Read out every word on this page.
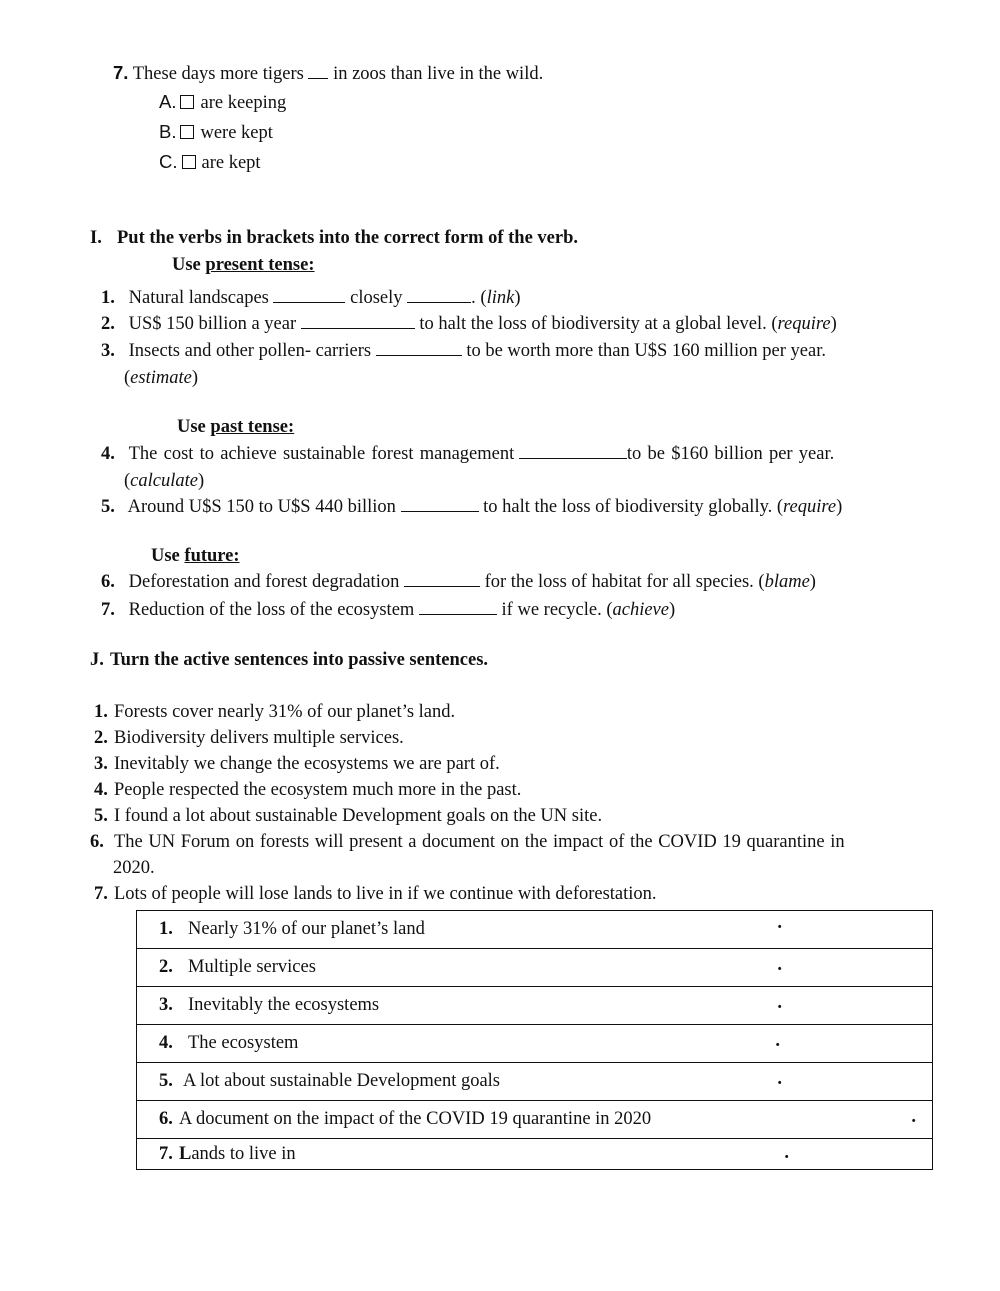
7. These days more tigers in zoos than live in the wild.
A. are keeping
B. were kept
C. are kept
I. Put the verbs in brackets into the correct form of the verb.
Use present tense:
1. Natural landscapes	closely	. (link)
2. US$ 150 billion a year	to halt the loss of biodiversity at a global level. (require)
3. Insects and other pollen- carriers	to be worth more than U$S 160 million per year.
(estimate)
Use past tense:
4. The cost to achieve sustainable forest management	to be $160 billion per year.
(calculate)
5. Around U$S 150 to U$S 440 billion	to halt the loss of biodiversity globally. (require)
Use future:
6. Deforestation and forest degradation	for the loss of habitat for all species. (blame)
7. Reduction of the loss of the ecosystem	if we recycle. (achieve)
J. Turn the active sentences into passive sentences.
1. Forests cover nearly 31% of our planet’s land.
2. Biodiversity delivers multiple services.
3. Inevitably we change the ecosystems we are part of.
4. People respected the ecosystem much more in the past.
5. I found a lot about sustainable Development goals on the UN site.
6. The UN Forum on forests will present a document on the impact of the COVID 19 quarantine in
2020.
7. Lots of people will lose lands to live in if we continue with deforestation.
1. Nearly 31% of our planet’s land	.

2. Multiple services	.

3. Inevitably the ecosystems	.

4. The ecosystem	.

5. A lot about sustainable Development goals	.

6. A document on the impact of the COVID 19 quarantine in 2020	.

7. Lands to live in	.
